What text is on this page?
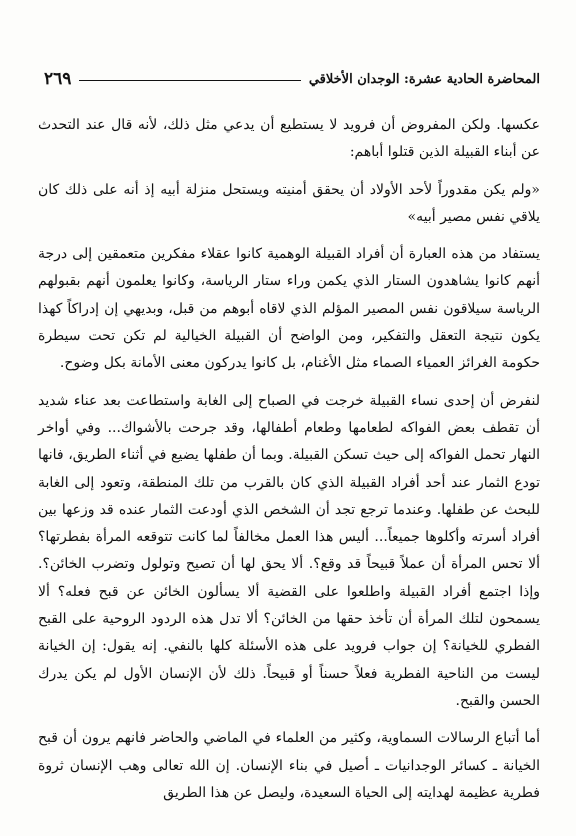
المحاضرة الحادية عشرة: الوجدان الأخلاقي
٢٦٩

عكسها. ولكن المفروض أن فرويد لا يستطيع أن يدعي مثل ذلك، لأنه قال عند التحدث عن أبناء القبيلة الذين قتلوا أباهم:

«ولم يكن مقدوراً لأحد الأولاد أن يحقق أمنيته ويستحل منزلة أبيه إذ أنه على ذلك كان يلاقي نفس مصير أبيه»

يستفاد من هذه العبارة أن أفراد القبيلة الوهمية كانوا عقلاء مفكرين متعمقين إلى درجة أنهم كانوا يشاهدون الستار الذي يكمن وراء ستار الرياسة، وكانوا يعلمون أنهم بقبولهم الرياسة سيلاقون نفس المصير المؤلم الذي لاقاه أبوهم من قبل، وبديهي إن إدراكاً كهذا يكون نتيجة التعقل والتفكير، ومن الواضح أن القبيلة الخيالية لم تكن تحت سيطرة حكومة الغرائز العمياء الصماء مثل الأغنام، بل كانوا يدركون معنى الأمانة بكل وضوح.

لنفرض أن إحدى نساء القبيلة خرجت في الصباح إلى الغابة واستطاعت بعد عناء شديد أن تقطف بعض الفواكه لطعامها وطعام أطفالها، وقد جرحت بالأشواك... وفي أواخر النهار تحمل الفواكه إلى حيث تسكن القبيلة. وبما أن طفلها يضيع في أثناء الطريق، فانها تودع الثمار عند أحد أفراد القبيلة الذي كان بالقرب من تلك المنطقة، وتعود إلى الغابة للبحث عن طفلها. وعندما ترجع تجد أن الشخص الذي أودعت الثمار عنده قد وزعها بين أفراد أسرته وأكلوها جميعاً... أليس هذا العمل مخالفاً لما كانت تتوقعه المرأة بفطرتها؟ ألا تحس المرأة أن عملاً قبيحاً قد وقع؟. ألا يحق لها أن تصيح وتولول وتضرب الخائن؟. وإذا اجتمع أفراد القبيلة واطلعوا على القضية ألا يسألون الخائن عن قبح فعله؟ ألا يسمحون لتلك المرأة أن تأخذ حقها من الخائن؟ ألا تدل هذه الردود الروحية على القبح الفطري للخيانة؟ إن جواب فرويد على هذه الأسئلة كلها بالنفي. إنه يقول: إن الخيانة ليست من الناحية الفطرية فعلاً حسناً أو قبيحاً. ذلك لأن الإنسان الأول لم يكن يدرك الحسن والقبح.

أما أتباع الرسالات السماوية، وكثير من العلماء في الماضي والحاضر فانهم يرون أن قبح الخيانة ـ كسائر الوجدانيات ـ أصيل في بناء الإنسان. إن الله تعالى وهب الإنسان ثروة فطرية عظيمة لهدايته إلى الحياة السعيدة، وليصل عن هذا الطريق
